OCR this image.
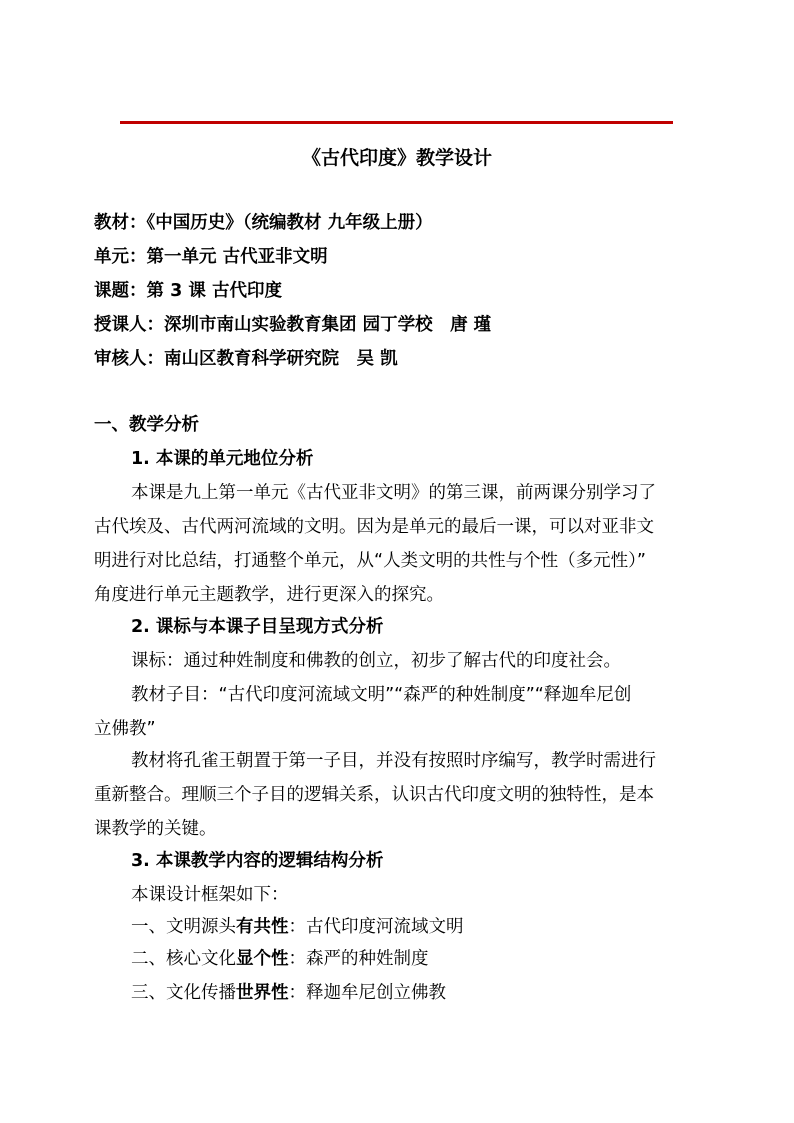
《古代印度》教学设计
教材：《中国历史》（统编教材 九年级上册）
单元：第一单元 古代亚非文明
课题：第 3 课 古代印度
授课人：深圳市南山实验教育集团 园丁学校　唐 瑾
审核人：南山区教育科学研究院　吴 凯
一、教学分析
1. 本课的单元地位分析
本课是九上第一单元《古代亚非文明》的第三课，前两课分别学习了
古代埃及、古代两河流域的文明。因为是单元的最后一课，可以对亚非文
明进行对比总结，打通整个单元，从“人类文明的共性与个性（多元性）”
角度进行单元主题教学，进行更深入的探究。
2. 课标与本课子目呈现方式分析
课标：通过种姓制度和佛教的创立，初步了解古代的印度社会。
教材子目：“古代印度河流域文明”“森严的种姓制度”“释迦牟尼创
立佛教”
教材将孔雀王朝置于第一子目，并没有按照时序编写，教学时需进行
重新整合。理顺三个子目的逻辑关系，认识古代印度文明的独特性，是本
课教学的关键。
3. 本课教学内容的逻辑结构分析
本课设计框架如下：
一、文明源头有共性：古代印度河流域文明
二、核心文化显个性：森严的种姓制度
三、文化传播世界性：释迦牟尼创立佛教
